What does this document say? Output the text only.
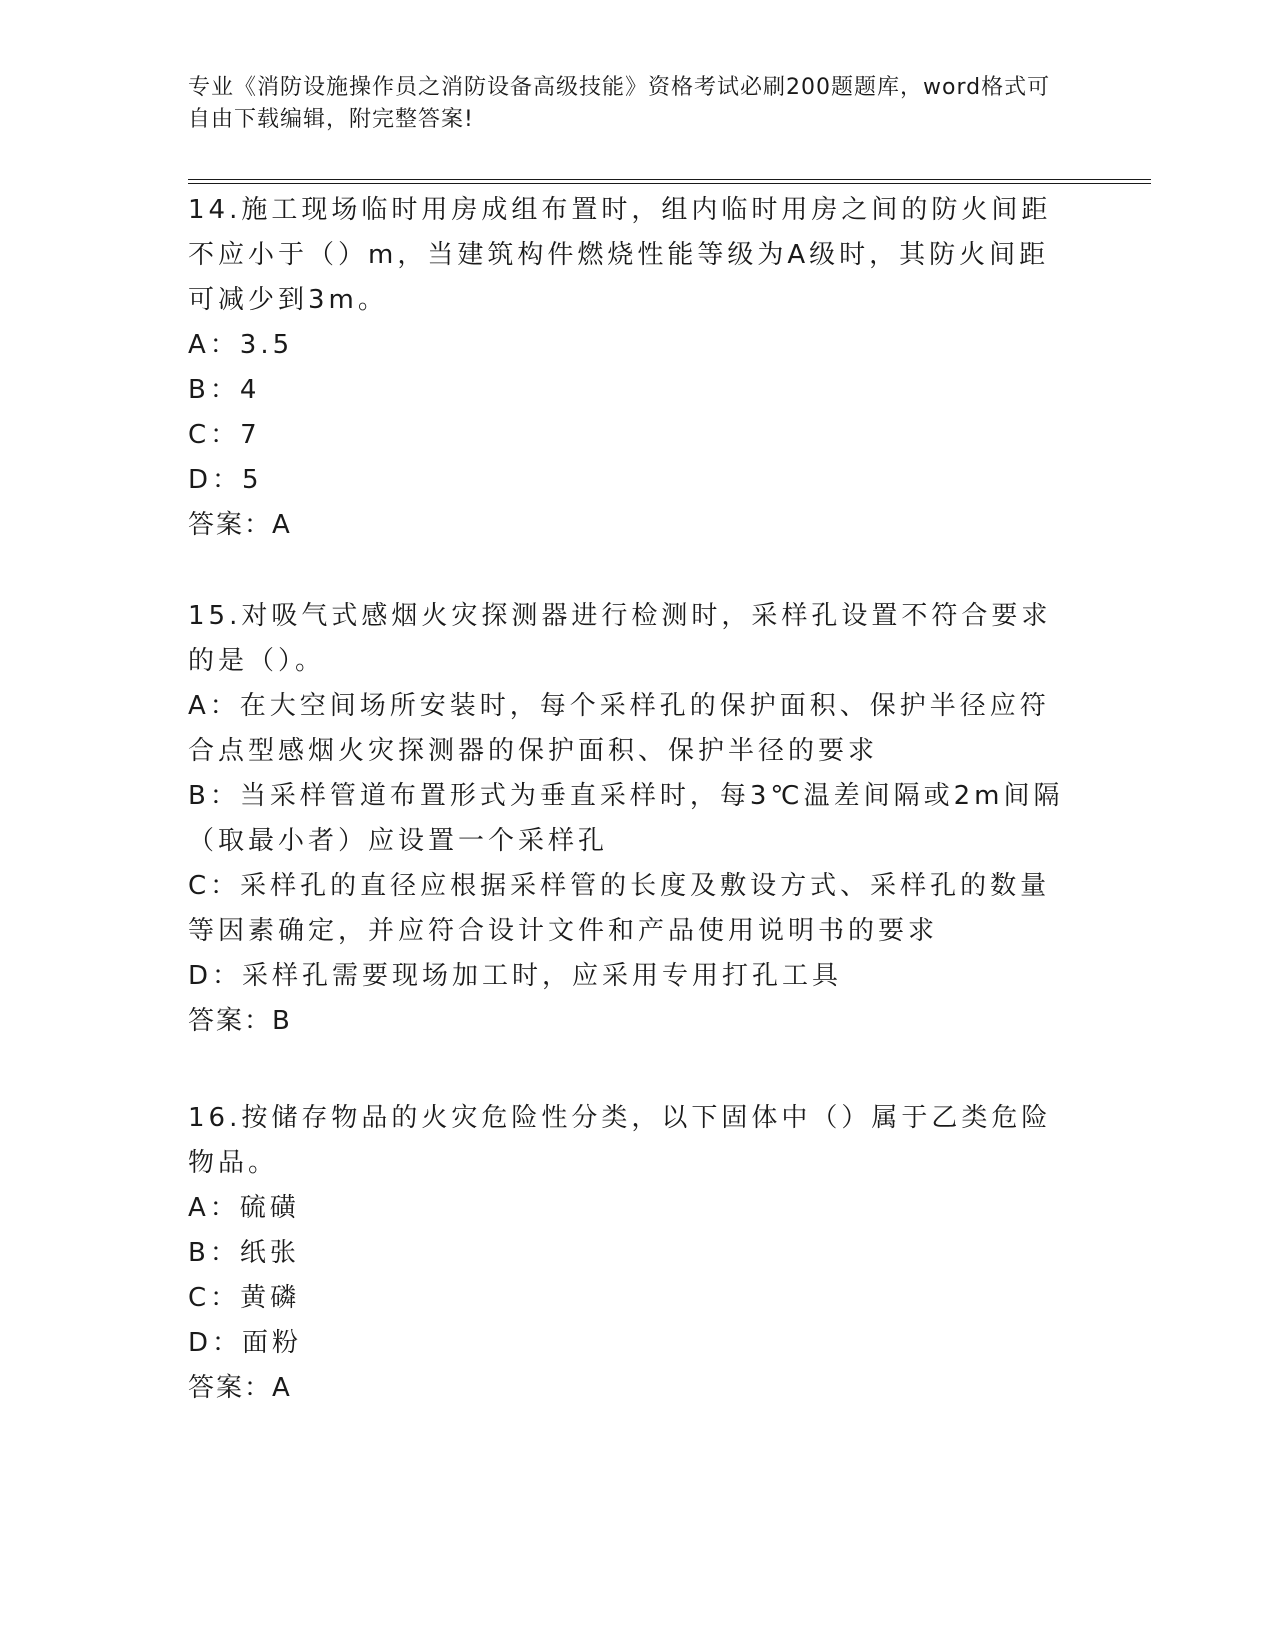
专业《消防设施操作员之消防设备高级技能》资格考试必刷200题题库，word格式可自由下载编辑，附完整答案!
14.施工现场临时用房成组布置时，组内临时用房之间的防火间距不应小于（）m，当建筑构件燃烧性能等级为A级时，其防火间距可减少到3m。
A：3.5
B：4
C：7
D：5
答案：A
15.对吸气式感烟火灾探测器进行检测时，采样孔设置不符合要求的是（）。
A：在大空间场所安装时，每个采样孔的保护面积、保护半径应符合点型感烟火灾探测器的保护面积、保护半径的要求
B：当采样管道布置形式为垂直采样时，每3℃温差间隔或2m间隔（取最小者）应设置一个采样孔
C：采样孔的直径应根据采样管的长度及敷设方式、采样孔的数量等因素确定，并应符合设计文件和产品使用说明书的要求
D：采样孔需要现场加工时，应采用专用打孔工具
答案：B
16.按储存物品的火灾危险性分类，以下固体中（）属于乙类危险物品。
A：硫磺
B：纸张
C：黄磷
D：面粉
答案：A
